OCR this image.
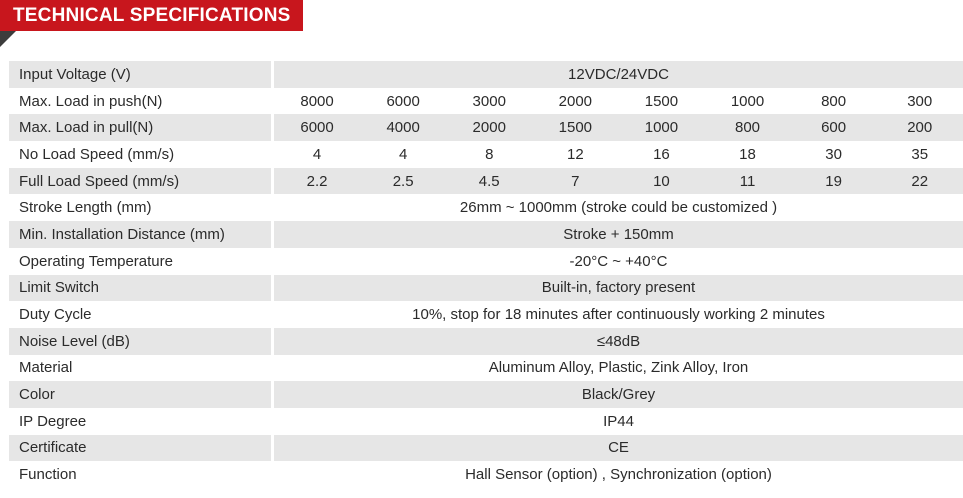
TECHNICAL SPECIFICATIONS
Input Voltage (V)	12VDC/24VDC
Max. Load in push(N)	8000	6000	3000	2000	1500	1000	800	300
Max. Load in pull(N)	6000	4000	2000	1500	1000	800	600	200
No Load Speed (mm/s)	4	4	8	12	16	18	30	35
Full Load Speed (mm/s)	2.2	2.5	4.5	7	10	11	19	22
Stroke Length (mm)	26mm ~ 1000mm (stroke could be customized )
Min. Installation Distance (mm)	Stroke + 150mm
Operating Temperature	-20°C ~ +40°C
Limit Switch	Built-in, factory present
Duty Cycle	10%, stop for 18 minutes after continuously working 2 minutes
Noise Level (dB)	≤48dB
Material	Aluminum Alloy, Plastic, Zink Alloy, Iron
Color	Black/Grey
IP Degree	IP44
Certificate	CE
Function	Hall Sensor (option) , Synchronization (option)
